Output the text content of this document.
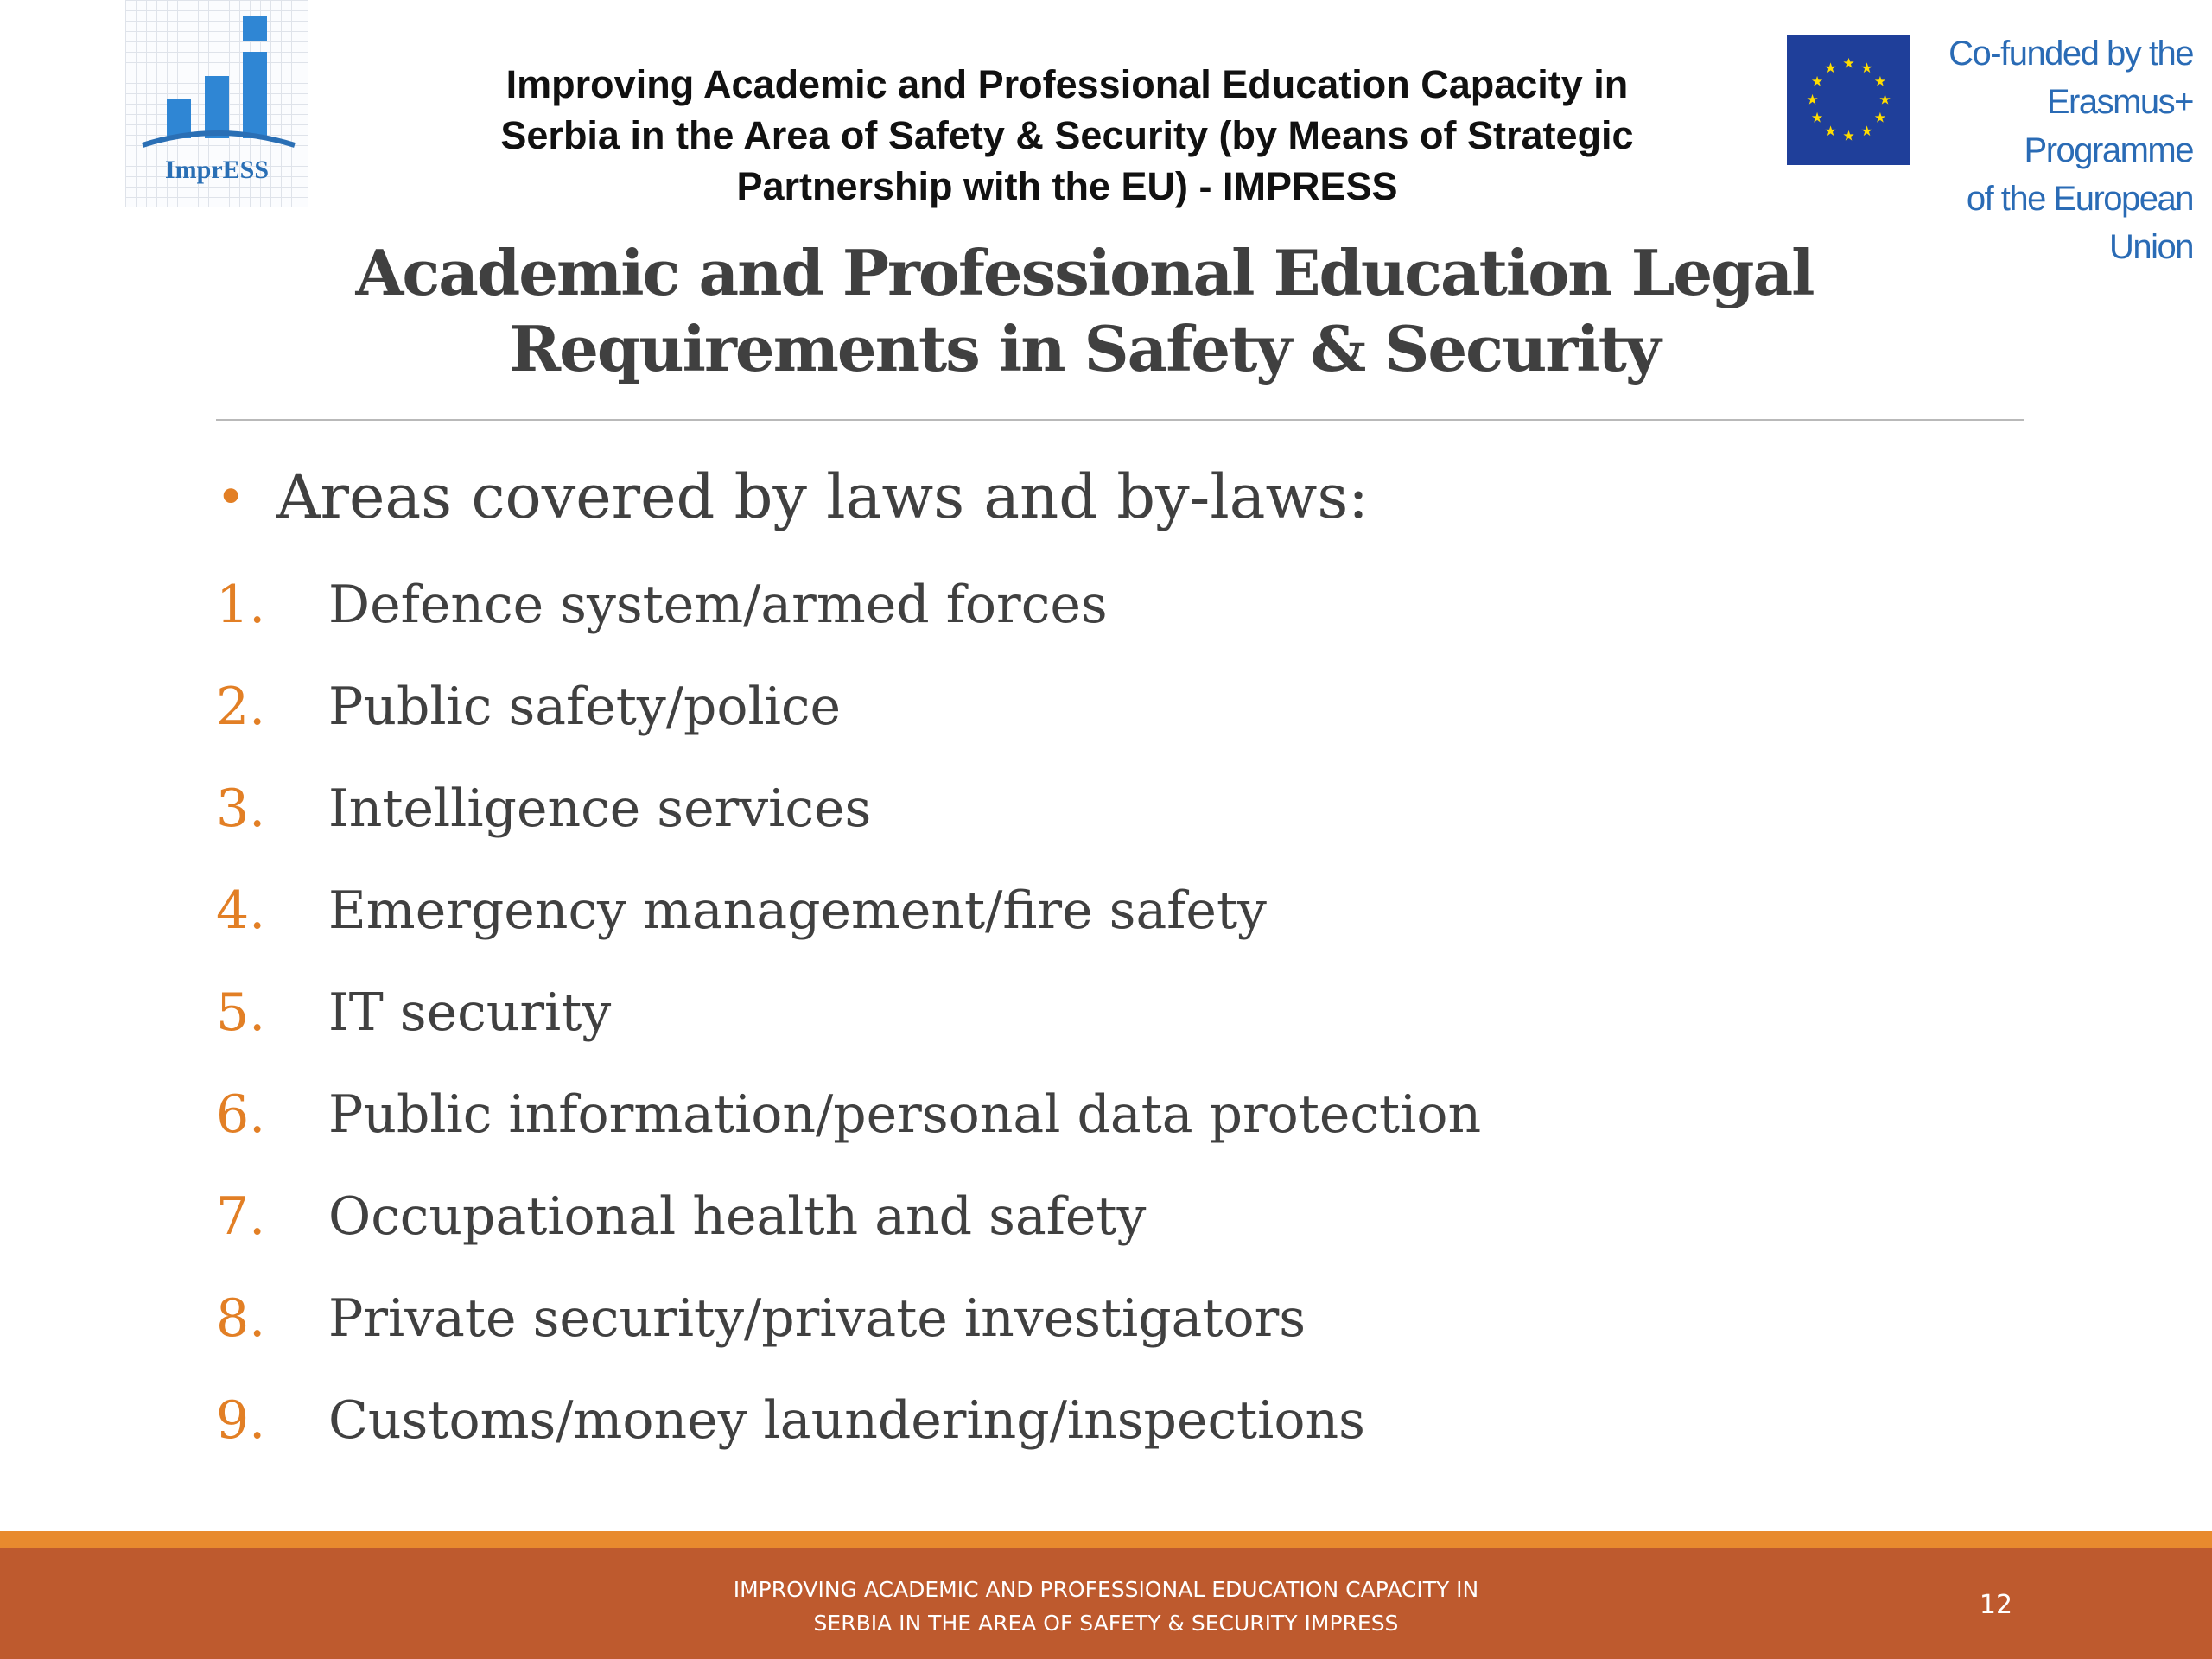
ImprESS
Improving Academic and Professional Education Capacity in
Serbia in the Area of Safety & Security (by Means of Strategic
Partnership with the EU) - IMPRESS
★ ★
★
★
★
★
★
★
★
★
★
★	Co-funded by the
Erasmus+ Programme
of the European Union
Academic and Professional Education Legal
Requirements in Safety & Security
• Areas covered by laws and by-laws:
1. Defence system/armed forces
2. Public safety/police
3. Intelligence services
4. Emergency management/fire safety
5. IT security
6. Public information/personal data protection
7. Occupational health and safety
8. Private security/private investigators
9. Customs/money laundering/inspections
IMPROVING ACADEMIC AND PROFESSIONAL EDUCATION CAPACITY IN
SERBIA IN THE AREA OF SAFETY & SECURITY IMPRESS
12
